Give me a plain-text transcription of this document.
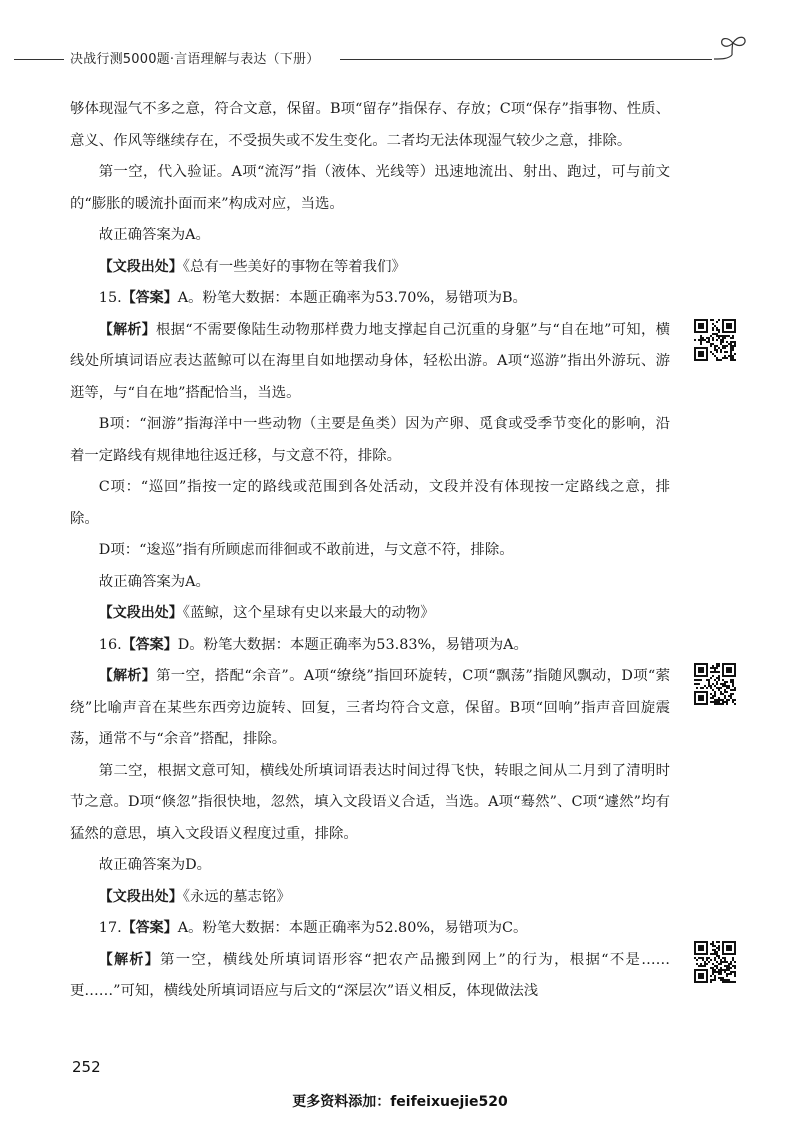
决战行测5000题·言语理解与表达（下册）

够体现湿气不多之意，符合文意，保留。B项“留存”指保存、存放；C项“保存”指事物、性质、意义、作风等继续存在，不受损失或不发生变化。二者均无法体现湿气较少之意，排除。

第一空，代入验证。A项“流泻”指（液体、光线等）迅速地流出、射出、跑过，可与前文的“膨胀的暖流扑面而来”构成对应，当选。

故正确答案为A。

【文段出处】《总有一些美好的事物在等着我们》

15.【答案】A。粉笔大数据：本题正确率为53.70%，易错项为B。

【解析】根据“不需要像陆生动物那样费力地支撑起自己沉重的身躯”与“自在地”可知，横线处所填词语应表达蓝鲸可以在海里自如地摆动身体，轻松出游。A项“巡游”指出外游玩、游逛等，与“自在地”搭配恰当，当选。

B项：“洄游”指海洋中一些动物（主要是鱼类）因为产卵、觅食或受季节变化的影响，沿着一定路线有规律地往返迁移，与文意不符，排除。

C项：“巡回”指按一定的路线或范围到各处活动，文段并没有体现按一定路线之意，排除。

D项：“逡巡”指有所顾虑而徘徊或不敢前进，与文意不符，排除。

故正确答案为A。

【文段出处】《蓝鲸，这个星球有史以来最大的动物》

16.【答案】D。粉笔大数据：本题正确率为53.83%，易错项为A。

【解析】第一空，搭配“余音”。A项“缭绕”指回环旋转，C项“飘荡”指随风飘动，D项“萦绕”比喻声音在某些东西旁边旋转、回复，三者均符合文意，保留。B项“回响”指声音回旋震荡，通常不与“余音”搭配，排除。

第二空，根据文意可知，横线处所填词语表达时间过得飞快，转眼之间从二月到了清明时节之意。D项“倏忽”指很快地，忽然，填入文段语义合适，当选。A项“蓦然”、C项“遽然”均有猛然的意思，填入文段语义程度过重，排除。

故正确答案为D。

【文段出处】《永远的墓志铭》

17.【答案】A。粉笔大数据：本题正确率为52.80%，易错项为C。

【解析】第一空，横线处所填词语形容“把农产品搬到网上”的行为，根据“不是……更……”可知，横线处所填词语应与后文的“深层次”语义相反，体现做法浅

252
更多资料添加：feifeixuejie520
